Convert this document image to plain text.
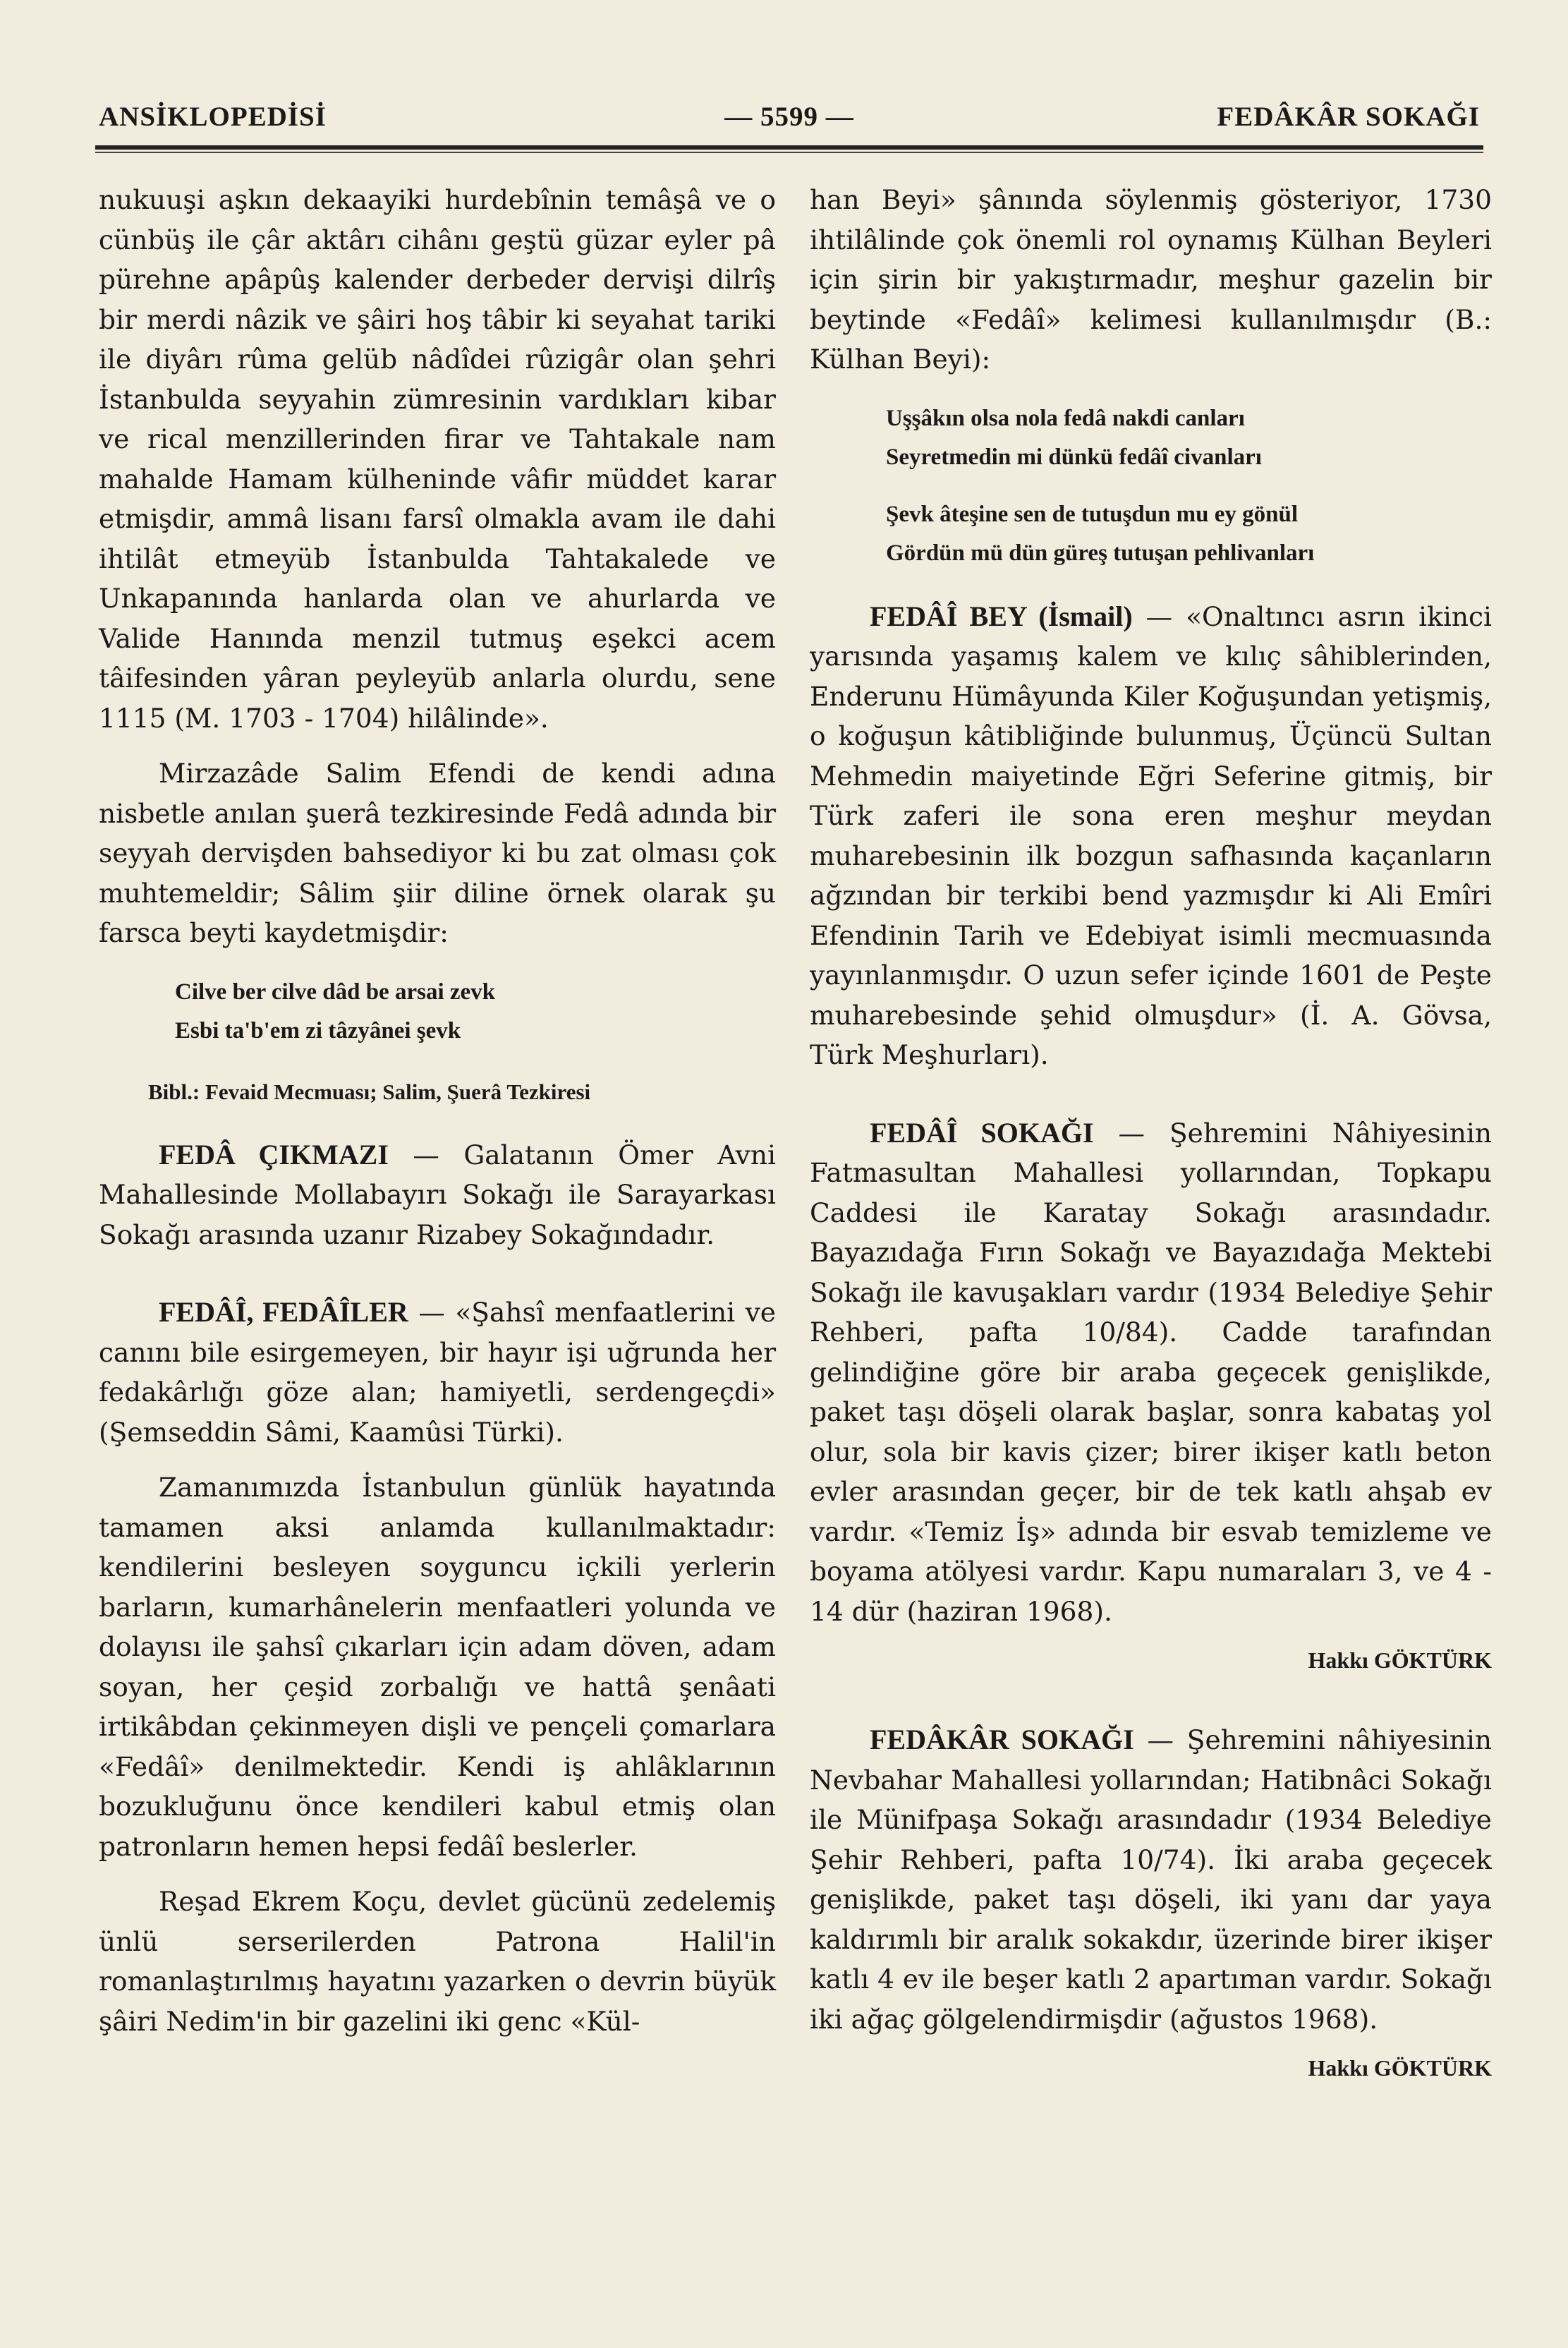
ANSİKLOPEDİSİ	— 5599 —	FEDÂKÂR SOKAĞI

nukuuşi aşkın dekaayiki hurdebînin temâşâ ve o cünbüş ile çâr aktârı cihânı geştü güzar eyler pâ pürehne apâpûş kalender derbeder dervişi dilrîş bir merdi nâzik ve şâiri hoş tâbir ki seyahat tariki ile diyârı rûma gelüb nâdîdei rûzigâr olan şehri İstanbulda seyyahin zümresinin vardıkları kibar ve rical menzillerinden firar ve Tahtakale nam mahalde Hamam külheninde vâfir müddet karar etmişdir, ammâ lisanı farsî olmakla avam ile dahi ihtilât etmeyüb İstanbulda Tahtakalede ve Unkapanında hanlarda olan ve ahurlarda ve Valide Hanında menzil tutmuş eşekci acem tâifesinden yâran peyleyüb anlarla olurdu, sene 1115 (M. 1703 - 1704) hilâlinde».

Mirzazâde Salim Efendi de kendi adına nisbetle anılan şuerâ tezkiresinde Fedâ adında bir seyyah dervişden bahsediyor ki bu zat olması çok muhtemeldir; Sâlim şiir diline örnek olarak şu farsca beyti kaydetmişdir:

Cilve ber cilve dâd be arsai zevk
Esbi ta'b'em zi tâzyânei şevk
Bibl.: Fevaid Mecmuası; Salim, Şuerâ Tezkiresi

FEDÂ ÇIKMAZI — Galatanın Ömer Avni Mahallesinde Mollabayırı Sokağı ile Sarayarkası Sokağı arasında uzanır Rizabey Sokağındadır.

FEDÂÎ, FEDÂÎLER — «Şahsî menfaatlerini ve canını bile esirgemeyen, bir hayır işi uğrunda her fedakârlığı göze alan; hamiyetli, serdengeçdi» (Şemseddin Sâmi, Kaamûsi Türki).

Zamanımızda İstanbulun günlük hayatında tamamen aksi anlamda kullanılmaktadır: kendilerini besleyen soyguncu içkili yerlerin barların, kumarhânelerin menfaatleri yolunda ve dolayısı ile şahsî çıkarları için adam döven, adam soyan, her çeşid zorbalığı ve hattâ şenâati irtikâbdan çekinmeyen dişli ve pençeli çomarlara «Fedâî» denilmektedir. Kendi iş ahlâklarının bozukluğunu önce kendileri kabul etmiş olan patronların hemen hepsi fedâî beslerler.

Reşad Ekrem Koçu, devlet gücünü zedelemiş ünlü serserilerden Patrona Halil'in romanlaştırılmış hayatını yazarken o devrin büyük şâiri Nedim'in bir gazelini iki genc «Kül-

han Beyi» şânında söylenmiş gösteriyor, 1730 ihtilâlinde çok önemli rol oynamış Külhan Beyleri için şirin bir yakıştırmadır, meşhur gazelin bir beytinde «Fedâî» kelimesi kullanılmışdır (B.: Külhan Beyi):

Uşşâkın olsa nola fedâ nakdi canları
Seyretmedin mi dünkü fedâî civanları
Şevk âteşine sen de tutuşdun mu ey gönül
Gördün mü dün güreş tutuşan pehlivanları

FEDÂÎ BEY (İsmail) — «Onaltıncı asrın ikinci yarısında yaşamış kalem ve kılıç sâhiblerinden, Enderunu Hümâyunda Kiler Koğuşundan yetişmiş, o koğuşun kâtibliğinde bulunmuş, Üçüncü Sultan Mehmedin maiyetinde Eğri Seferine gitmiş, bir Türk zaferi ile sona eren meşhur meydan muharebesinin ilk bozgun safhasında kaçanların ağzından bir terkibi bend yazmışdır ki Ali Emîri Efendinin Tarih ve Edebiyat isimli mecmuasında yayınlanmışdır. O uzun sefer içinde 1601 de Peşte muharebesinde şehid olmuşdur» (İ. A. Gövsa, Türk Meşhurları).

FEDÂÎ SOKAĞI — Şehremini Nâhiyesinin Fatmasultan Mahallesi yollarından, Topkapu Caddesi ile Karatay Sokağı arasındadır. Bayazıdağa Fırın Sokağı ve Bayazıdağa Mektebi Sokağı ile kavuşakları vardır (1934 Belediye Şehir Rehberi, pafta 10/84). Cadde tarafından gelindiğine göre bir araba geçecek genişlikde, paket taşı döşeli olarak başlar, sonra kabataş yol olur, sola bir kavis çizer; birer ikişer katlı beton evler arasından geçer, bir de tek katlı ahşab ev vardır. «Temiz İş» adında bir esvab temizleme ve boyama atölyesi vardır. Kapu numaraları 3, ve 4 - 14 dür (haziran 1968).

Hakkı GÖKTÜRK

FEDÂKÂR SOKAĞI — Şehremini nâhiyesinin Nevbahar Mahallesi yollarından; Hatibnâci Sokağı ile Münifpaşa Sokağı arasındadır (1934 Belediye Şehir Rehberi, pafta 10/74). İki araba geçecek genişlikde, paket taşı döşeli, iki yanı dar yaya kaldırımlı bir aralık sokakdır, üzerinde birer ikişer katlı 4 ev ile beşer katlı 2 apartıman vardır. Sokağı iki ağaç gölgelendirmişdir (ağustos 1968).

Hakkı GÖKTÜRK
